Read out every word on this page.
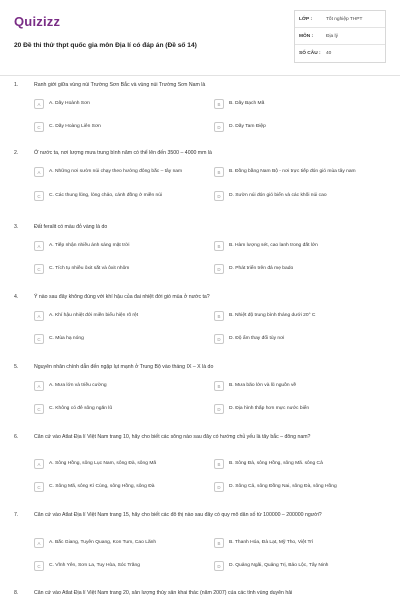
Quizizz
20 Đề thi thử thpt quốc gia môn Địa lí có đáp án (Đề số 14)
LỚP :	Tốt nghiệp THPT
MÔN :	Địa lý
SỐ CÂU :	40
1.	Ranh giới giữa vùng núi Trường Sơn Bắc và vùng núi Trường Sơn Nam là
A	A. Dãy Hoành Sơn	B	B. Dãy Bạch Mã
C	C. Dãy Hoàng Liên Sơn	D	D. Dãy Tam Điệp
2.	Ở nước ta, nơi lượng mưa trung bình năm có thể lên đến 3500 – 4000 mm là
A	A. Những nơi sườn núi chạy theo hướng đông bắc – tây nam	B	B. Đồng bằng Nam Bộ - nơi trực tiếp đón gió mùa tây nam
C	C. Các thung lũng, lòng chảo, cánh đồng ở miền núi	D	D. Sườn núi đón gió biển và các khối núi cao
3.	Đất feralit có màu đỏ vàng là do
A	A. Tiếp nhận nhiều ánh sáng mặt trời	B	B. Hàm lượng sét, cao lanh trong đất lớn
C	C. Tích tụ nhiều ôxit sắt và ôxit nhôm	D	D. Phát triển trên đá mẹ bado
4.	Ý nào sau đây không đúng với khí hậu của đai nhiệt đới gió mùa ở nước ta?
A	A. Khí hậu nhiệt đới miền biểu hiện rõ rệt	B	B. Nhiệt độ trung bình tháng dưới 20° C
C	C. Mùa hạ nóng	D	D. Độ ẩm thay đổi tùy nơi
5.	Nguyên nhân chính dẫn đến ngập lụt mạnh ở Trung Bộ vào tháng IX – X là do
A	A. Mưa lớn và triều cường	B	B. Mưa bão lớn và lũ nguồn về
C	C. Không có đê sông ngăn lũ	D	D. Địa hình thấp hơn mực nước biển
6.	Căn cứ vào Atlat Địa lí Việt Nam trang 10, hãy cho biết các sông nào sau đây có hướng chủ yếu là tây bắc – đông nam?
A	A. Sông Hồng, sông Lục Nam, sông Đà, sông Mã	B	B. Sông Đà, sông Hồng, sông Mã. sông Cả
C	C. Sông Mã, sông Kì Cùng, sông Hồng, sông Đà	D	D. Sông Cả, sông Đồng Nai, sông Đà, sông Hồng
7.	Căn cứ vào Atlat Địa lí Việt Nam trang 15, hãy cho biết các đô thị nào sau đây có quy mô dân số từ 100000 – 200000 người?
A	A. Bắc Giang, Tuyên Quang, Kon Tum, Cao Lãnh	B	B. Thanh Hóa, Đà Lạt, Mỹ Tho, Việt Trì
C	C. Vĩnh Yên, Sơn La, Tuy Hòa, Sóc Trăng	D	D. Quảng Ngãi, Quảng Trị, Bảo Lộc, Tây Ninh
8.	Căn cứ vào Atlat Địa lí Việt Nam trang 20, sản lượng thủy sản khai thác (năm 2007) của các tỉnh vùng duyên hải
